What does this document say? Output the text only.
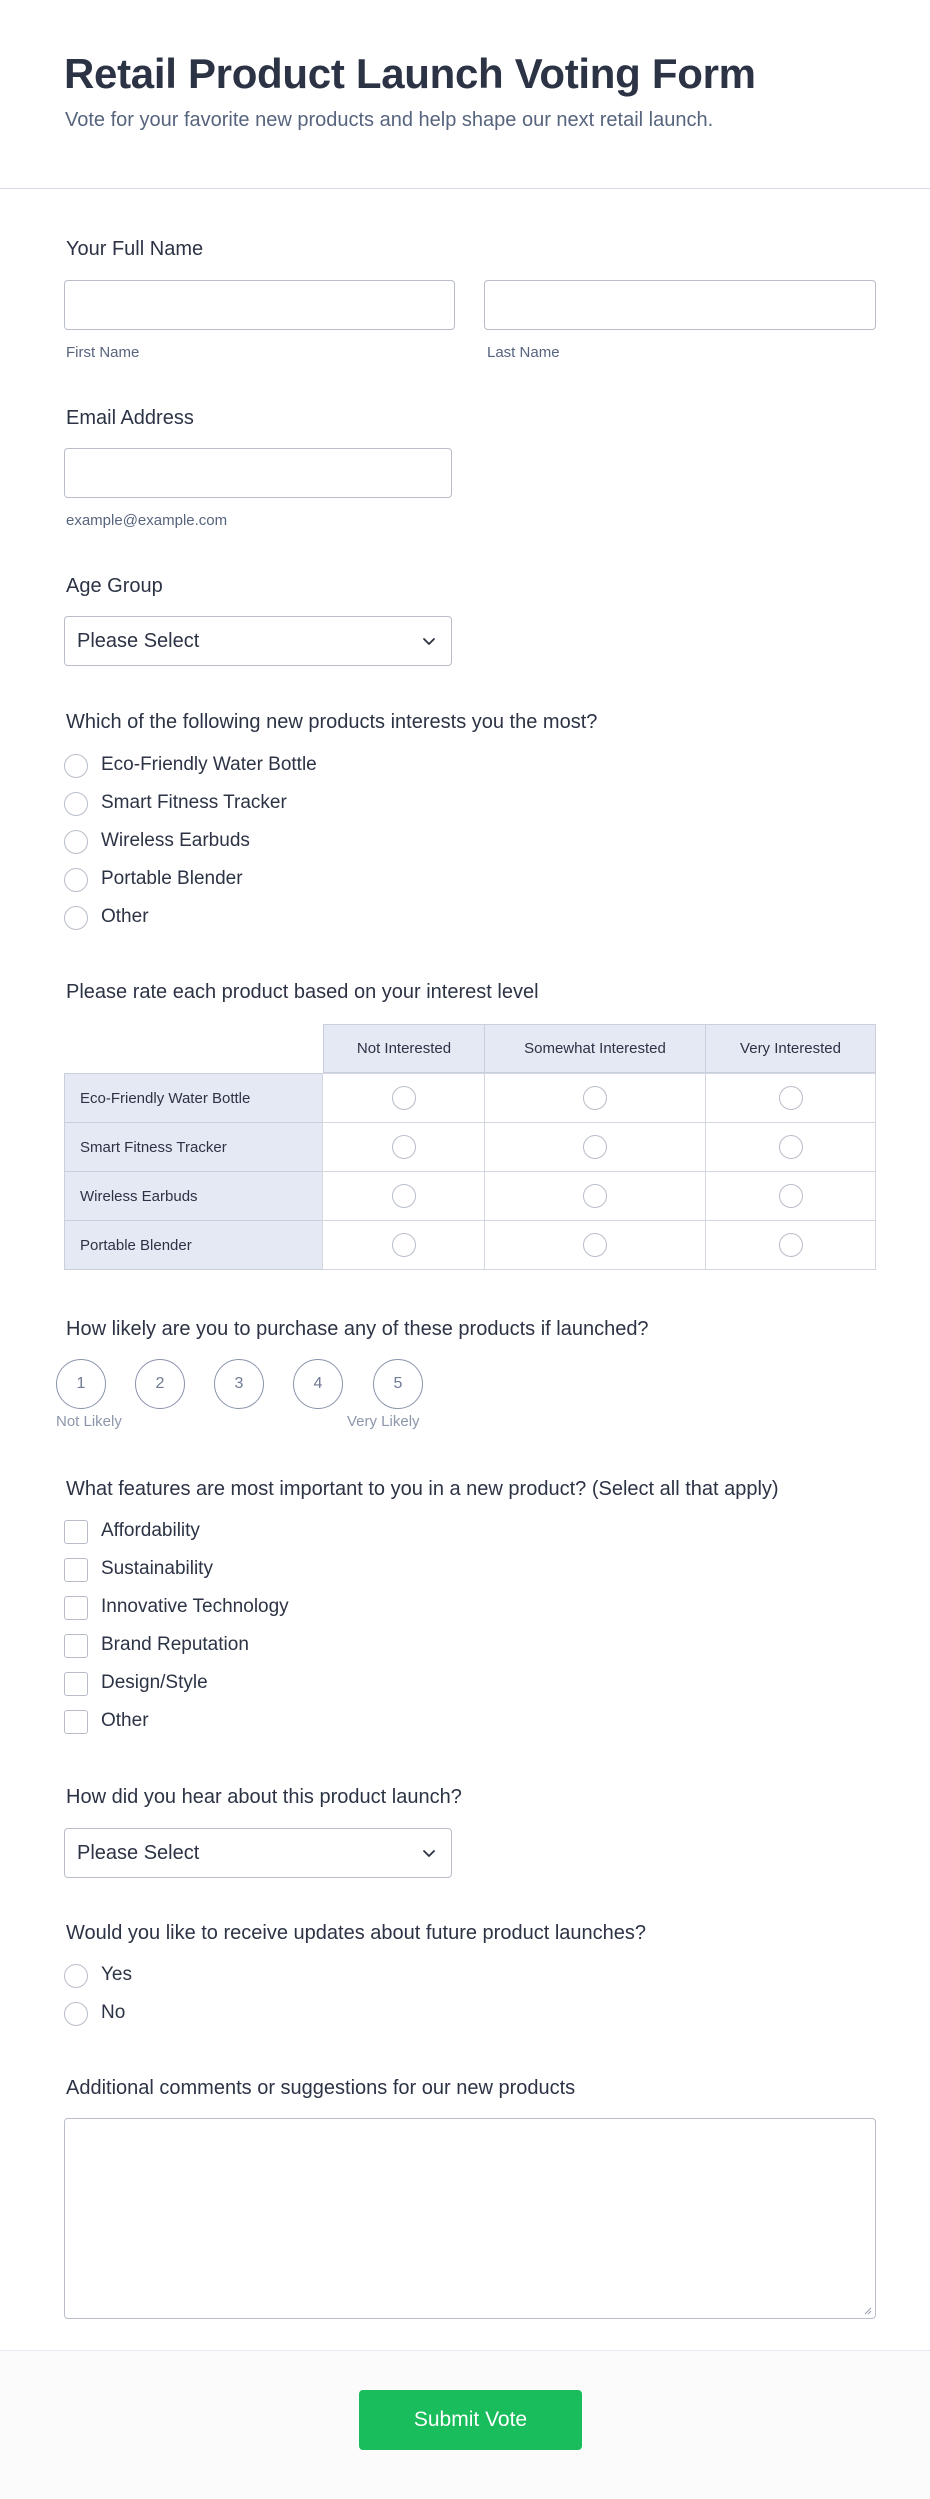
Retail Product Launch Voting Form
Vote for your favorite new products and help shape our next retail launch.
Your Full Name
First Name	Last Name
Email Address
example@example.com
Age Group
Please Select
Which of the following new products interests you the most?
Eco-Friendly Water Bottle
Smart Fitness Tracker
Wireless Earbuds
Portable Blender
Other
Please rate each product based on your interest level
Not Interested	Somewhat Interested	Very Interested
Eco-Friendly Water Bottle
Smart Fitness Tracker
Wireless Earbuds
Portable Blender
How likely are you to purchase any of these products if launched?
1	2	3	4	5
Not Likely	Very Likely
What features are most important to you in a new product? (Select all that apply)
Affordability
Sustainability
Innovative Technology
Brand Reputation
Design/Style
Other
How did you hear about this product launch?
Please Select
Would you like to receive updates about future product launches?
Yes
No
Additional comments or suggestions for our new products
Submit Vote
